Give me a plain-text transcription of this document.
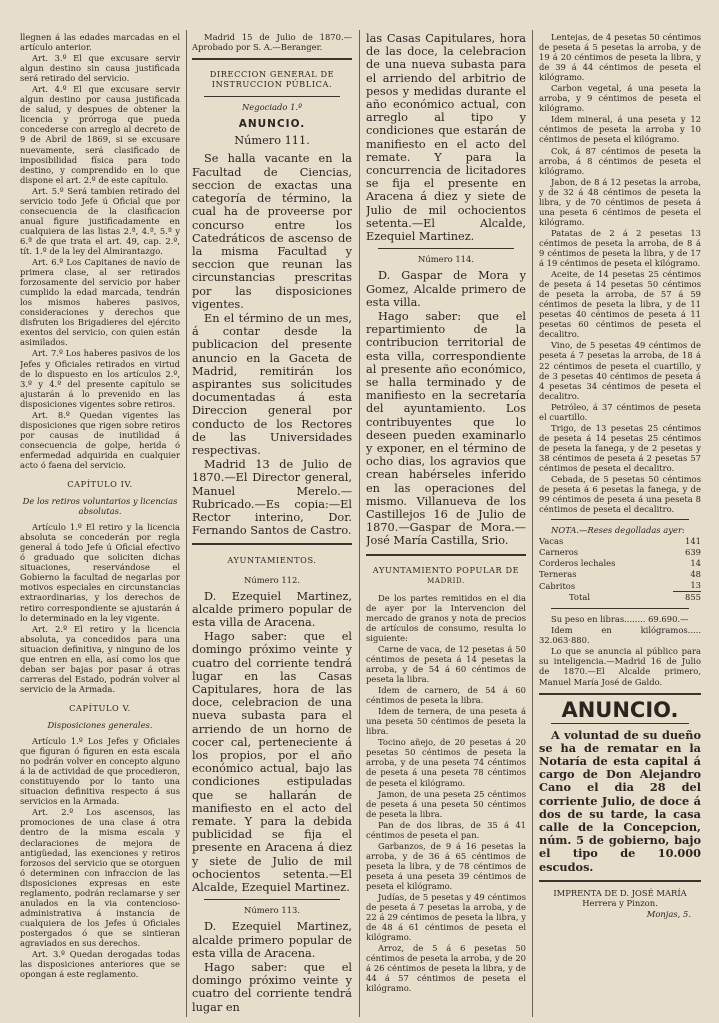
llegnen á las edades marcadas en el artículo anterior.

Art. 3.º El que excusare servir algun destino sin causa justificada será retirado del servicio.

Art. 4.º El que excusare servir algun destino por causa justificada de salud, y despues de obtener la licencia y prórroga que pueda concederse con arreglo al decreto de 9 de Abril de 1869, si se excusare nuevamente, será clasificado de imposibilidad física para todo destino, y comprendido en lo que dispone el art. 2.º de este capítulo.

Art. 5.º Será tambien retirado del servicio todo Jefe ú Oficial que por consecuencia de la clasificacion anual figure justificadamente en cualquiera de las listas 2.ª, 4.ª, 5.ª y 6.ª de que trata el art. 49, cap. 2.º, tít. 1.º de la ley del Almirantazgo.

Art. 6.º Los Capitanes de navío de primera clase, al ser retirados forzosamente del servicio por haber cumplido la edad marcada, tendrán los mismos haberes pasivos, consideraciones y derechos que disfruten los Brigadieres del ejército exentos del servicio, con quien están asimilados.

Art. 7.º Los haberes pasivos de los Jefes y Oficiales retirados en virtud de lo dispuesto en los artículos 2.º, 3.º y 4.º del presente capítulo se ajustarán á lo prevenido en las disposiciones vigentes sobre retiros.

Art. 8.º Quedan vigentes las disposiciones que rigen sobre retiros por causas de inutilidad á consecuencia de golpe, herida ó enfermedad adquirida en cualquier acto ó faena del servicio.

CAPÍTULO IV.
De los retiros voluntarios y licencias absolutas.

Artículo 1.º El retiro y la licencia absoluta se concederán por regla general á todo Jefe ú Oficial efectivo ó graduado que soliciten dichas situaciones, reservándose el Gobierno la facultad de negarlas por motivos especiales en circunstancias extraordinarias, y los derechos de retiro correspondiente se ajustarán á lo determinado en la ley vigente.

Art. 2.º El retiro y la licencia absoluta, ya concedidos para una situacion definitiva, y ninguno de los que entren en ella, así como los que deban ser bajas por pasar á otras carreras del Estado, podrán volver al servicio de la Armada.

CAPÍTULO V.
Disposiciones generales.

Artículo 1.º Los Jefes y Oficiales que figuran ó figuren en esta escala no podrán volver en concepto alguno á la de actividad de que procedieron, constituyendo por lo tanto una situacion definitiva respecto á sus servicios en la Armada.

Art. 2.º Los ascensos, las promociones de una clase á otra dentro de la misma escala y declaraciones de mejora de antigüedad, las exenciones y retiros forzosos del servicio que se otorguen ó determinen con infraccion de las disposiciones expresas en este reglamento, podrán reclamarse y ser anulados en la via contencioso-administrativa á instancia de cualquiera de los Jefes ú Oficiales postergados ó que se sintieran agraviados en sus derechos.

Art. 3.º Quedan derogadas todas las disposiciones anteriores que se opongan á este reglamento.

Madrid 15 de Julio de 1870.—Aprobado por S. A.—Beranger.

DIRECCION GENERAL DE INSTRUCCION PÚBLICA.
Negociado 1.º
ANUNCIO.
Número 111.

Se halla vacante en la Facultad de Ciencias, seccion de exactas una categoría de término, la cual ha de proveerse por concurso entre los Catedráticos de ascenso de la misma Facultad y seccion que reunan las circunstancias prescritas por las disposiciones vigentes.

En el término de un mes, á contar desde la publicacion del presente anuncio en la Gaceta de Madrid, remitirán los aspirantes sus solicitudes documentadas á esta Direccion general por conducto de los Rectores de las Universidades respectivas.

Madrid 13 de Julio de 1870.—El Director general, Manuel Merelo.—Rubricado.—Es copia:—El Rector interino, Dor. Fernando Santos de Castro.

AYUNTAMIENTOS.
Número 112.

D. Ezequiel Martinez, alcalde primero popular de esta villa de Aracena.

Hago saber: que el domingo próximo veinte y cuatro del corriente tendrá lugar en las Casas Capitulares, hora de las doce, celebracion de una nueva subasta para el arriendo de un horno de cocer cal, perteneciente á los propios, por el año económico actual, bajo las condiciones estipuladas que se hallarán de manifiesto en el acto del remate. Y para la debida publicidad se fija el presente en Aracena á diez y siete de Julio de mil ochocientos setenta.—El Alcalde, Ezequiel Martinez.

Número 113.

D. Ezequiel Martinez, alcalde primero popular de esta villa de Aracena.

Hago saber: que el domingo próximo veinte y cuatro del corriente tendrá lugar en

las Casas Capitulares, hora de las doce, la celebracion de una nueva subasta para el arriendo del arbitrio de pesos y medidas durante el año económico actual, con arreglo al tipo y condiciones que estarán de manifiesto en el acto del remate. Y para la concurrencia de licitadores se fija el presente en Aracena á diez y siete de Julio de mil ochocientos setenta.—El Alcalde, Ezequiel Martinez.

Número 114.

D. Gaspar de Mora y Gomez, Alcalde primero de esta villa.

Hago saber: que el repartimiento de la contribucion territorial de esta villa, correspondiente al presente año económico, se halla terminado y de manifiesto en la secretaría del ayuntamiento. Los contribuyentes que lo deseen pueden examinarlo y exponer, en el término de ocho dias, los agravios que crean habérseles inferido en las operaciones del mismo. Villanueva de los Castillejos 16 de Julio de 1870.—Gaspar de Mora.—José María Castilla, Srio.

AYUNTAMIENTO POPULAR DE
MADRID.

De los partes remitidos en el dia de ayer por la Intervencion del mercado de granos y nota de precios de artículos de consumo, resulta lo siguiente:

Carne de vaca, de 12 pesetas á 50 céntimos de peseta á 14 pesetas la arroba, y de 54 á 60 céntimos de peseta la libra.

Idem de carnero, de 54 á 60 céntimos de peseta la libra.

Idem de ternera, de una peseta á una peseta 50 céntimos de peseta la libra.

Tocino añejo, de 20 pesetas á 20 pesetas 50 céntimos de peseta la arroba, y de una peseta 74 céntimos de peseta á una peseta 78 céntimos de peseta el kilógramo.

Jamon, de una peseta 25 céntimos de peseta á una peseta 50 céntimos de peseta la libra.

Pan de dos libras, de 35 á 41 céntimos de peseta el pan.

Garbanzos, de 9 á 16 pesetas la arroba, y de 36 á 65 céntimos de peseta la libra, y de 78 céntimos de peseta á una peseta 39 céntimos de peseta el kilógramo.

Judías, de 5 pesetas y 49 céntimos de peseta á 7 pesetas la arroba, y de 22 á 29 céntimos de peseta la libra, y de 48 á 61 céntimos de peseta el kilógramo.

Arroz, de 5 á 6 pesetas 50 céntimos de peseta la arroba, y de 20 á 26 céntimos de peseta la libra, y de 44 á 57 céntimos de peseta el kilógramo.

Lentejas, de 4 pesetas 50 céntimos de peseta á 5 pesetas la arroba, y de 19 á 20 céntimos de peseta la libra, y de 39 á 44 céntimos de peseta el kilógramo.

Carbon vegetal, á una peseta la arroba, y 9 céntimos de peseta el kilógramo.

Idem mineral, á una peseta y 12 céntimos de peseta la arroba y 10 céntimos de peseta el kilógramo.

Cok, á 87 céntimos de peseta la arroba, á 8 céntimos de peseta el kilógramo.

Jabon, de 8 á 12 pesetas la arroba, y de 32 á 48 céntimos de peseta la libra, y de 70 céntimos de peseta á una peseta 6 céntimos de peseta el kilógramo.

Patatas de 2 á 2 pesetas 13 céntimos de peseta la arroba, de 8 á 9 céntimos de peseta la libra, y de 17 á 19 céntimos de peseta el kilógramo.

Aceite, de 14 pesetas 25 céntimos de peseta á 14 pesetas 50 céntimos de peseta la arroba, de 57 á 59 céntimos de peseta la libra, y de 11 pesetas 40 céntimos de peseta á 11 pesetas 60 céntimos de peseta el decalitro.

Vino, de 5 pesetas 49 céntimos de peseta á 7 pesetas la arroba, de 18 á 22 céntimos de peseta el cuartillo, y de 3 pesetas 40 céntimos de peseta á 4 pesetas 34 céntimos de peseta el decalitro.

Petróleo, á 37 céntimos de peseta el cuartillo.

Trigo, de 13 pesetas 25 céntimos de peseta á 14 pesetas 25 céntimos de peseta la fanega, y de 2 pesetas y 38 céntimos de peseta á 2 pesetas 57 céntimos de peseta el decalitro.

Cebada, de 5 pesetas 50 céntimos de peseta á 6 pesetas la fanega, y de 99 céntimos de peseta á una peseta 8 céntimos de peseta el decalitro.

NOTA.—Reses degolladas ayer:

Vacas	141
Carneros	639
Corderos lechales	14
Terneras	48
Cabritos	13
Total	855

Su peso en libras........ 69.690.—

Idem en kilógramos..... 32.063·880.

Lo que se anuncia al público para su inteligencia.—Madrid 16 de Julio de 1870.—El Alcalde primero, Manuel María José de Galdo.

ANUNCIO.

A voluntad de su dueño se ha de rematar en la Notaría de esta capital á cargo de Don Alejandro Cano el dia 28 del corriente Julio, de doce á dos de su tarde, la casa calle de la Concepcion, núm. 5 de gobierno, bajo el tipo de 10.000 escudos.

IMPRENTA DE D. JOSÉ MARÍA Herrera y Pinzon.

Monjas, 5.
